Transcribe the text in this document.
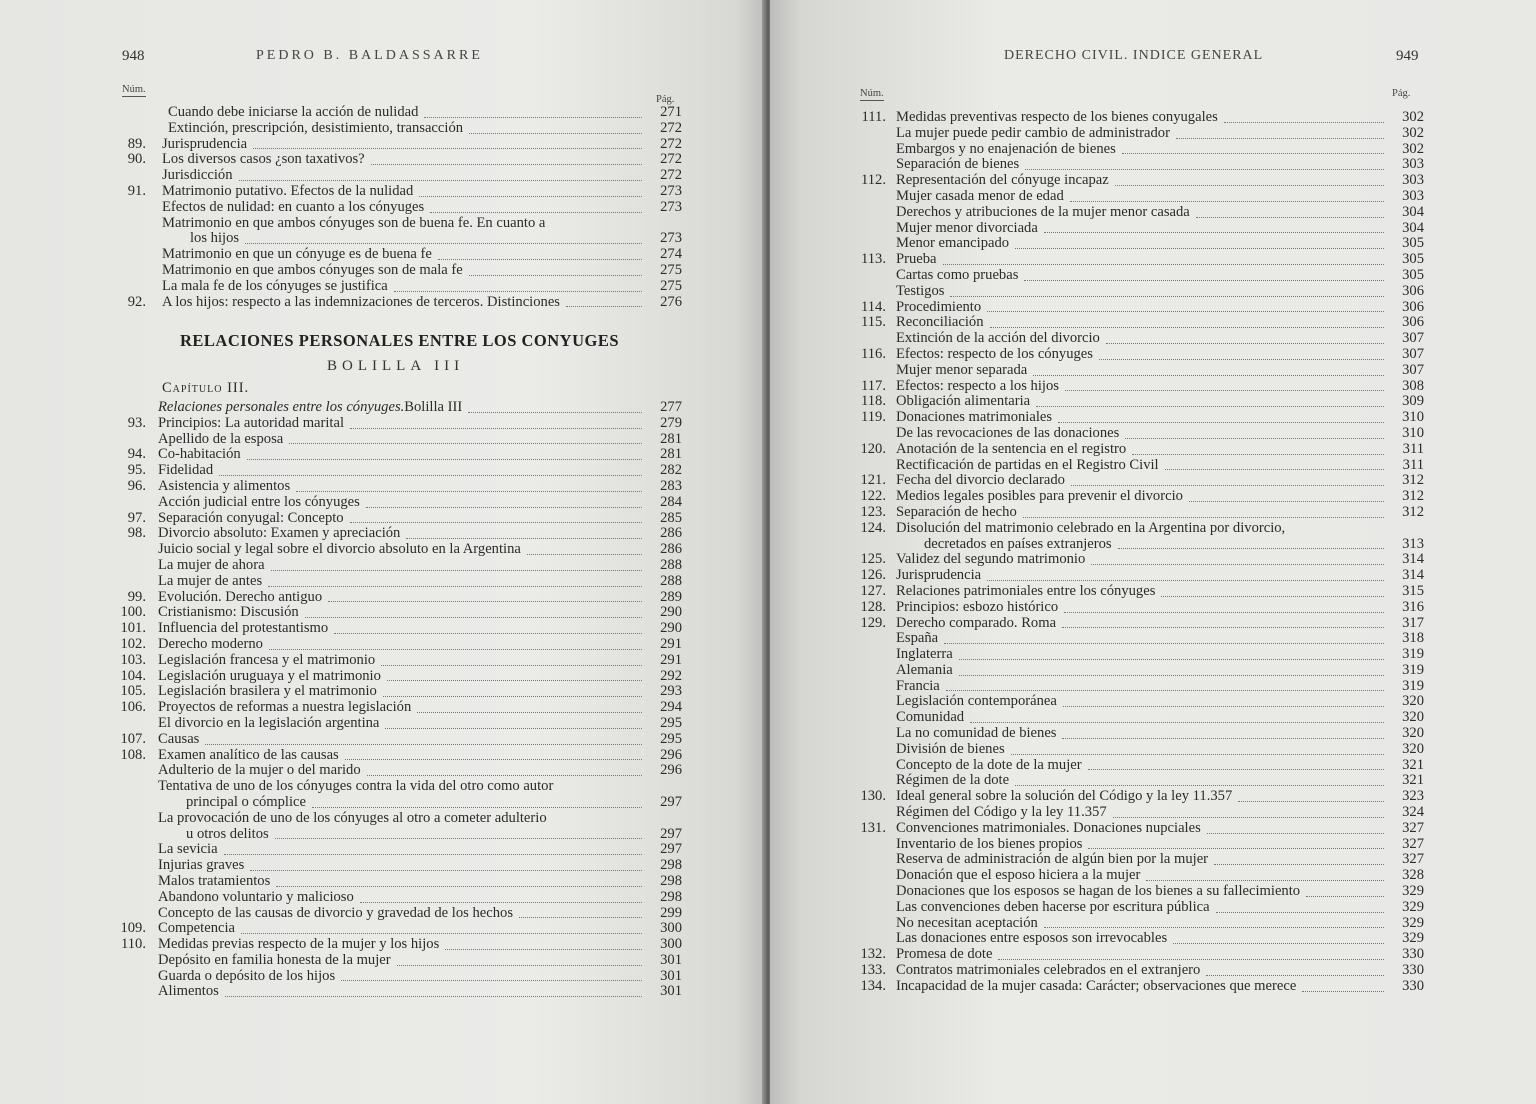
948	PEDRO B. BALDASSARRE
Núm.
Pág.
Cuando debe iniciarse la acción de nulidad	271
Extinción, prescripción, desistimiento, transacción	272
89. Jurisprudencia	272
90. Los diversos casos ¿son taxativos?	272
Jurisdicción	272
91. Matrimonio putativo. Efectos de la nulidad	273
Efectos de nulidad: en cuanto a los cónyuges	273
Matrimonio en que ambos cónyuges son de buena fe. En cuanto a
los hijos	273
Matrimonio en que un cónyuge es de buena fe	274
Matrimonio en que ambos cónyuges son de mala fe	275
La mala fe de los cónyuges se justifica	275
92. A los hijos: respecto a las indemnizaciones de terceros. Distinciones	276
RELACIONES PERSONALES ENTRE LOS CONYUGES
BOLILLA III
Capítulo III.
Relaciones personales entre los cónyuges. Bolilla III	277
93. Principios: La autoridad marital	279
Apellido de la esposa	281
94. Co-habitación	281
95. Fidelidad	282
96. Asistencia y alimentos	283
Acción judicial entre los cónyuges	284
97. Separación conyugal: Concepto	285
98. Divorcio absoluto: Examen y apreciación	286
Juicio social y legal sobre el divorcio absoluto en la Argentina	286
La mujer de ahora	288
La mujer de antes	288
99. Evolución. Derecho antiguo	289
100. Cristianismo: Discusión	290
101. Influencia del protestantismo	290
102. Derecho moderno	291
103. Legislación francesa y el matrimonio	291
104. Legislación uruguaya y el matrimonio	292
105. Legislación brasilera y el matrimonio	293
106. Proyectos de reformas a nuestra legislación	294
El divorcio en la legislación argentina	295
107. Causas	295
108. Examen analítico de las causas	296
Adulterio de la mujer o del marido	296
Tentativa de uno de los cónyuges contra la vida del otro como autor
principal o cómplice	297
La provocación de uno de los cónyuges al otro a cometer adulterio
u otros delitos	297
La sevicia	297
Injurias graves	298
Malos tratamientos	298
Abandono voluntario y malicioso	298
Concepto de las causas de divorcio y gravedad de los hechos	299
109. Competencia	300
110. Medidas previas respecto de la mujer y los hijos	300
Depósito en familia honesta de la mujer	301
Guarda o depósito de los hijos	301
Alimentos	301
DERECHO CIVIL. INDICE GENERAL	949
Núm.	Pág.
111. Medidas preventivas respecto de los bienes conyugales	302
La mujer puede pedir cambio de administrador	302
Embargos y no enajenación de bienes	302
Separación de bienes	303
112. Representación del cónyuge incapaz	303
Mujer casada menor de edad	303
Derechos y atribuciones de la mujer menor casada	304
Mujer menor divorciada	304
Menor emancipado	305
113. Prueba	305
Cartas como pruebas	305
Testigos	306
114. Procedimiento	306
115. Reconciliación	306
Extinción de la acción del divorcio	307
116. Efectos: respecto de los cónyuges	307
Mujer menor separada	307
117. Efectos: respecto a los hijos	308
118. Obligación alimentaria	309
119. Donaciones matrimoniales	310
De las revocaciones de las donaciones	310
120. Anotación de la sentencia en el registro	311
Rectificación de partidas en el Registro Civil	311
121. Fecha del divorcio declarado	312
122. Medios legales posibles para prevenir el divorcio	312
123. Separación de hecho	312
124. Disolución del matrimonio celebrado en la Argentina por divorcio,
decretados en países extranjeros	313
125. Validez del segundo matrimonio	314
126. Jurisprudencia	314
127. Relaciones patrimoniales entre los cónyuges	315
128. Principios: esbozo histórico	316
129. Derecho comparado. Roma	317
España	318
Inglaterra	319
Alemania	319
Francia	319
Legislación contemporánea	320
Comunidad	320
La no comunidad de bienes	320
División de bienes	320
Concepto de la dote de la mujer	321
Régimen de la dote	321
130. Ideal general sobre la solución del Código y la ley 11.357	323
Régimen del Código y la ley 11.357	324
131. Convenciones matrimoniales. Donaciones nupciales	327
Inventario de los bienes propios	327
Reserva de administración de algún bien por la mujer	327
Donación que el esposo hiciera a la mujer	328
Donaciones que los esposos se hagan de los bienes a su fallecimiento	329
Las convenciones deben hacerse por escritura pública	329
No necesitan aceptación	329
Las donaciones entre esposos son irrevocables	329
132. Promesa de dote	330
133. Contratos matrimoniales celebrados en el extranjero	330
134. Incapacidad de la mujer casada: Carácter; observaciones que merece	330
